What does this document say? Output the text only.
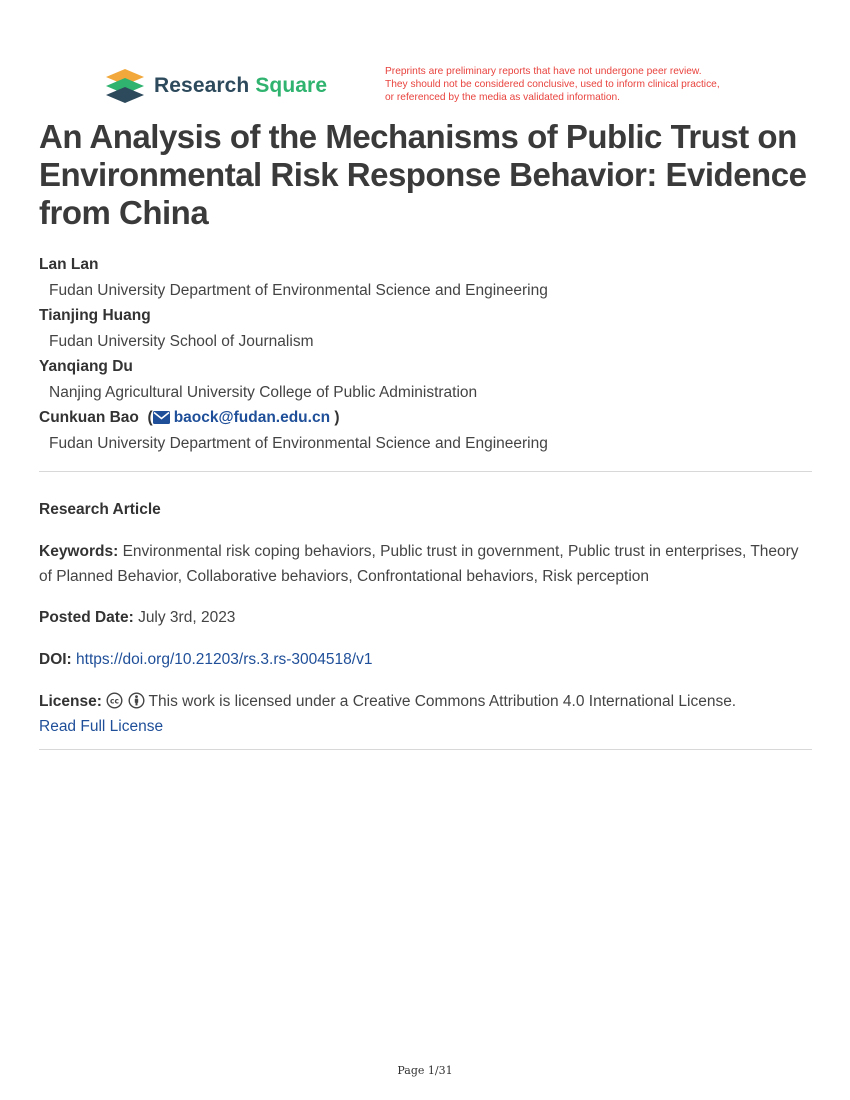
Research Square
Preprints are preliminary reports that have not undergone peer review.
They should not be considered conclusive, used to inform clinical practice,
or referenced by the media as validated information.
An Analysis of the Mechanisms of Public Trust on
Environmental Risk Response Behavior: Evidence
from China
Lan Lan
Fudan University Department of Environmental Science and Engineering
Tianjing Huang
Fudan University School of Journalism
Yanqiang Du
Nanjing Agricultural University College of Public Administration
Cunkuan Bao  ( baock@fudan.edu.cn )
Fudan University Department of Environmental Science and Engineering
Research Article
Keywords: Environmental risk coping behaviors, Public trust in government, Public trust in enterprises, Theory of Planned Behavior, Collaborative behaviors, Confrontational behaviors, Risk perception
Posted Date: July 3rd, 2023
DOI: https://doi.org/10.21203/rs.3.rs-3004518/v1
License: cc This work is licensed under a Creative Commons Attribution 4.0 International License.
Read Full License
Page 1/31
